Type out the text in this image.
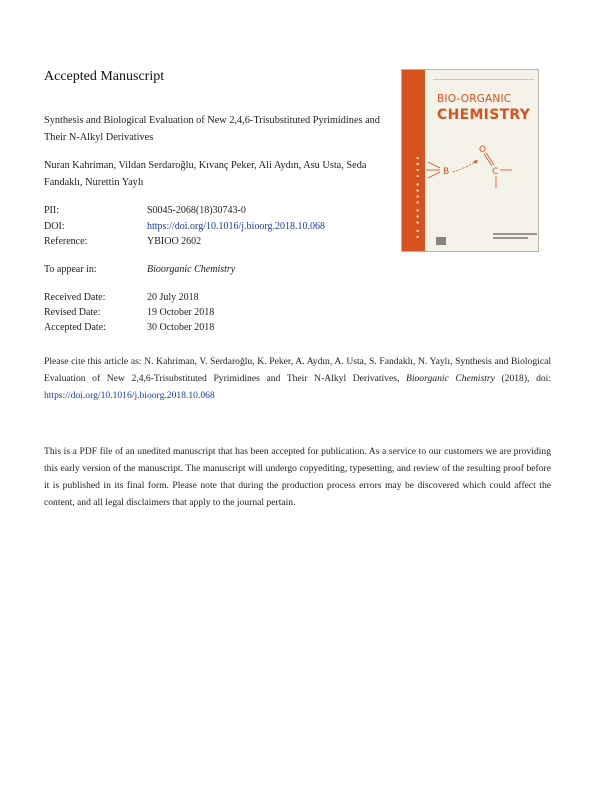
Accepted Manuscript
Synthesis and Biological Evaluation of New 2,4,6-Trisubstituted Pyrimidines and Their N-Alkyl Derivatives
Nuran Kahriman, Vildan Serdaroğlu, Kıvanç Peker, Ali Aydın, Asu Usta, Seda Fandaklı, Nurettin Yaylı
PII:	S0045-2068(18)30743-0
DOI:	https://doi.org/10.1016/j.bioorg.2018.10.068
Reference:	YBIOO 2602
To appear in:	Bioorganic Chemistry
Received Date:	20 July 2018
Revised Date:	19 October 2018
Accepted Date:	30 October 2018
Please cite this article as: N. Kahriman, V. Serdaroğlu, K. Peker, A. Aydın, A. Usta, S. Fandaklı, N. Yaylı, Synthesis and Biological Evaluation of New 2,4,6-Trisubstituted Pyrimidines and Their N-Alkyl Derivatives, Bioorganic Chemistry (2018), doi: https://doi.org/10.1016/j.bioorg.2018.10.068
This is a PDF file of an unedited manuscript that has been accepted for publication. As a service to our customers we are providing this early version of the manuscript. The manuscript will undergo copyediting, typesetting, and review of the resulting proof before it is published in its final form. Please note that during the production process errors may be discovered which could affect the content, and all legal disclaimers that apply to the journal pertain.
▪▪▪▪ ▪▪▪▪ ▪▪▪ ▪▪
BIO-ORGANIC
CHEMISTRY
B
O
C
